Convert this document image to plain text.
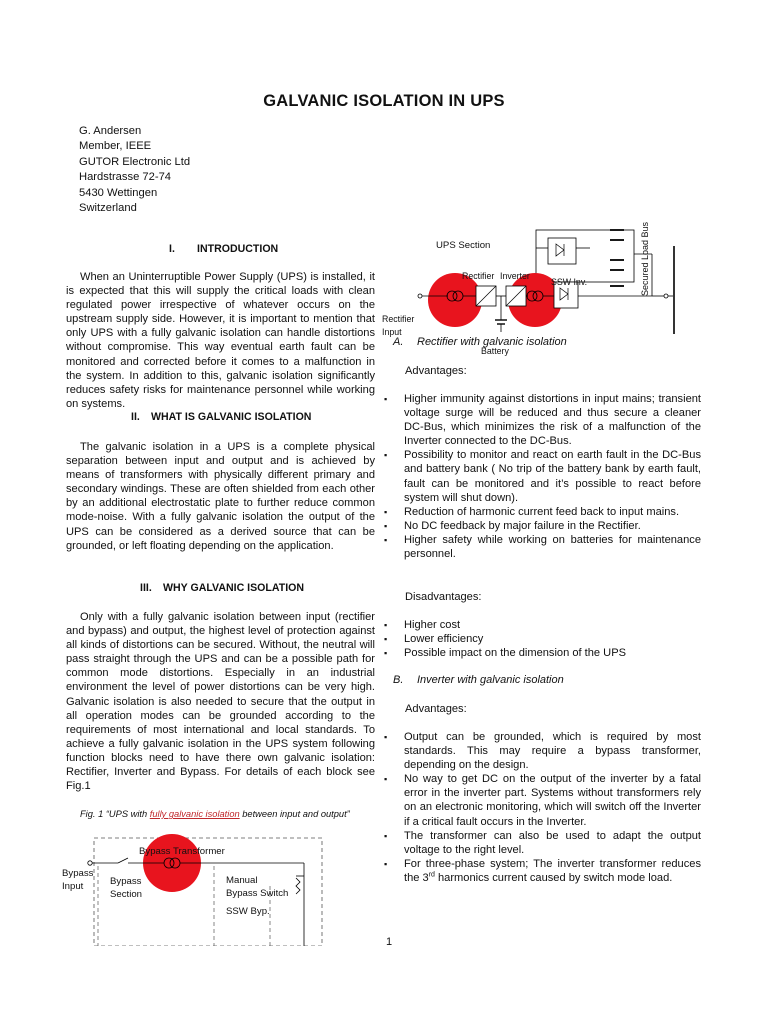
GALVANIC ISOLATION IN UPS
G. Andersen
Member, IEEE
GUTOR Electronic Ltd
Hardstrasse 72-74
5430 Wettingen
Switzerland
I. INTRODUCTION

When an Uninterruptible Power Supply (UPS) is installed, it is expected that this will supply the critical loads with clean regulated power irrespective of whatever occurs on the upstream supply side. However, it is important to mention that only UPS with a fully galvanic isolation can handle distortions without compromise. This way eventual earth fault can be monitored and corrected before it comes to a malfunction in the system. In addition to this, galvanic isolation significantly reduces safety risks for maintenance personnel while working on systems.

II. WHAT IS GALVANIC ISOLATION

The galvanic isolation in a UPS is a complete physical separation between input and output and is achieved by means of transformers with physically different primary and secondary windings. These are often shielded from each other by an additional electrostatic plate to further reduce common mode-noise. With a fully galvanic isolation the output of the UPS can be considered as a derived source that can be grounded, or left floating depending on the application.

III. WHY GALVANIC ISOLATION

Only with a fully galvanic isolation between input (rectifier and bypass) and output, the highest level of protection against all kinds of distortions can be secured. Without, the neutral will pass straight through the UPS and can be a possible path for common mode distortions. Especially in an industrial environment the level of power distortions can be very high. Galvanic isolation is also needed to secure that the output in all operation modes can be grounded according to the requirements of most international and local standards. To achieve a fully galvanic isolation in the UPS system following function blocks need to have there own galvanic isolation: Rectifier, Inverter and Bypass. For details of each block see Fig.1

Fig. 1 “UPS with fully galvanic isolation between input and output”
Bypass Transformer
Bypass
Input	Bypass
Section
Manual
Bypass Switch
SSW Byp.
UPS Section
Rectifier Inverter
SSW Inv.	Secured Load Bus
Rectifier
Input
Battery
A. Rectifier with galvanic isolation
Advantages:
▪ Higher immunity against distortions in input mains; transient voltage surge will be reduced and thus secure a cleaner DC-Bus, which minimizes the risk of a malfunction of the Inverter connected to the DC-Bus.
▪ Possibility to monitor and react on earth fault in the DC-Bus and battery bank ( No trip of the battery bank by earth fault, fault can be monitored and it’s possible to react before system will shut down).
▪ Reduction of harmonic current feed back to input mains.
▪ No DC feedback by major failure in the Rectifier.
▪ Higher safety while working on batteries for maintenance personnel.
Disadvantages:
▪ Higher cost
▪ Lower efficiency
▪ Possible impact on the dimension of the UPS
B. Inverter with galvanic isolation
Advantages:
▪ Output can be grounded, which is required by most standards. This may require a bypass transformer, depending on the design.
▪ No way to get DC on the output of the inverter by a fatal error in the inverter part. Systems without transformers rely on an electronic monitoring, which will switch off the Inverter if a critical fault occurs in the Inverter.
▪ The transformer can also be used to adapt the output voltage to the right level.
▪ For three-phase system; The inverter transformer reduces the 3rd harmonics current caused by switch mode load.
1
